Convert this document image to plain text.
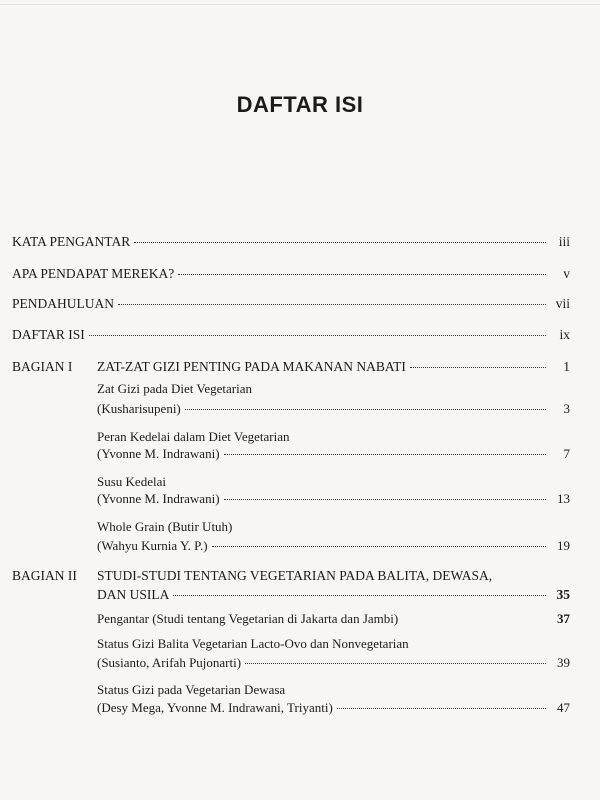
DAFTAR ISI
KATA PENGANTAR	iii
APA PENDAPAT MEREKA?	v
PENDAHULUAN	vii
DAFTAR ISI	ix
BAGIAN I ZAT-ZAT GIZI PENTING PADA MAKANAN NABATI	1
Zat Gizi pada Diet Vegetarian
(Kusharisupeni)	3
Peran Kedelai dalam Diet Vegetarian
(Yvonne M. Indrawani)	7
Susu Kedelai
(Yvonne M. Indrawani)	13
Whole Grain (Butir Utuh)
(Wahyu Kurnia Y. P.)	19
BAGIAN II STUDI-STUDI TENTANG VEGETARIAN PADA BALITA, DEWASA,
DAN USILA	35
Pengantar (Studi tentang Vegetarian di Jakarta dan Jambi)	37
Status Gizi Balita Vegetarian Lacto-Ovo dan Nonvegetarian
(Susianto, Arifah Pujonarti)	39
Status Gizi pada Vegetarian Dewasa
(Desy Mega, Yvonne M. Indrawani, Triyanti)	47
